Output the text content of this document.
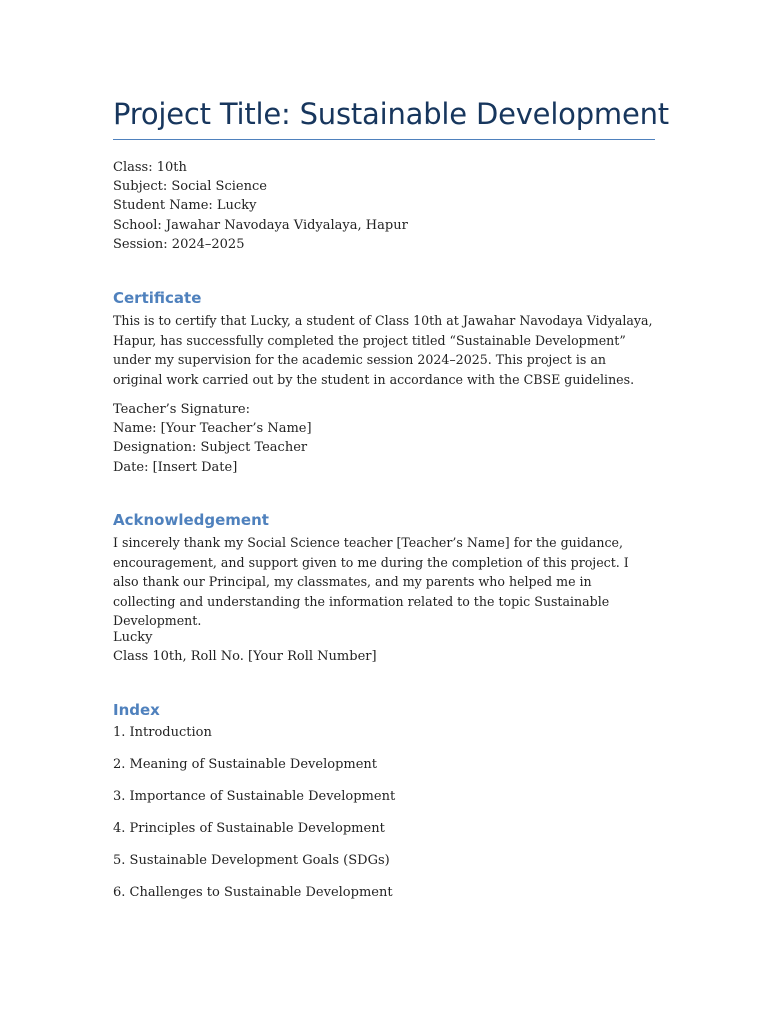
Project Title: Sustainable Development
Class: 10th
Subject: Social Science
Student Name: Lucky
School: Jawahar Navodaya Vidyalaya, Hapur
Session: 2024–2025
Certificate

This is to certify that Lucky, a student of Class 10th at Jawahar Navodaya Vidyalaya, Hapur, has successfully completed the project titled “Sustainable Development” under my supervision for the academic session 2024–2025. This project is an original work carried out by the student in accordance with the CBSE guidelines.

Teacher’s Signature:
Name: [Your Teacher’s Name]
Designation: Subject Teacher
Date: [Insert Date]
Acknowledgement

I sincerely thank my Social Science teacher [Teacher’s Name] for the guidance, encouragement, and support given to me during the completion of this project. I also thank our Principal, my classmates, and my parents who helped me in collecting and understanding the information related to the topic Sustainable Development.

Lucky
Class 10th, Roll No. [Your Roll Number]
Index

1. Introduction

2. Meaning of Sustainable Development

3. Importance of Sustainable Development

4. Principles of Sustainable Development

5. Sustainable Development Goals (SDGs)

6. Challenges to Sustainable Development
